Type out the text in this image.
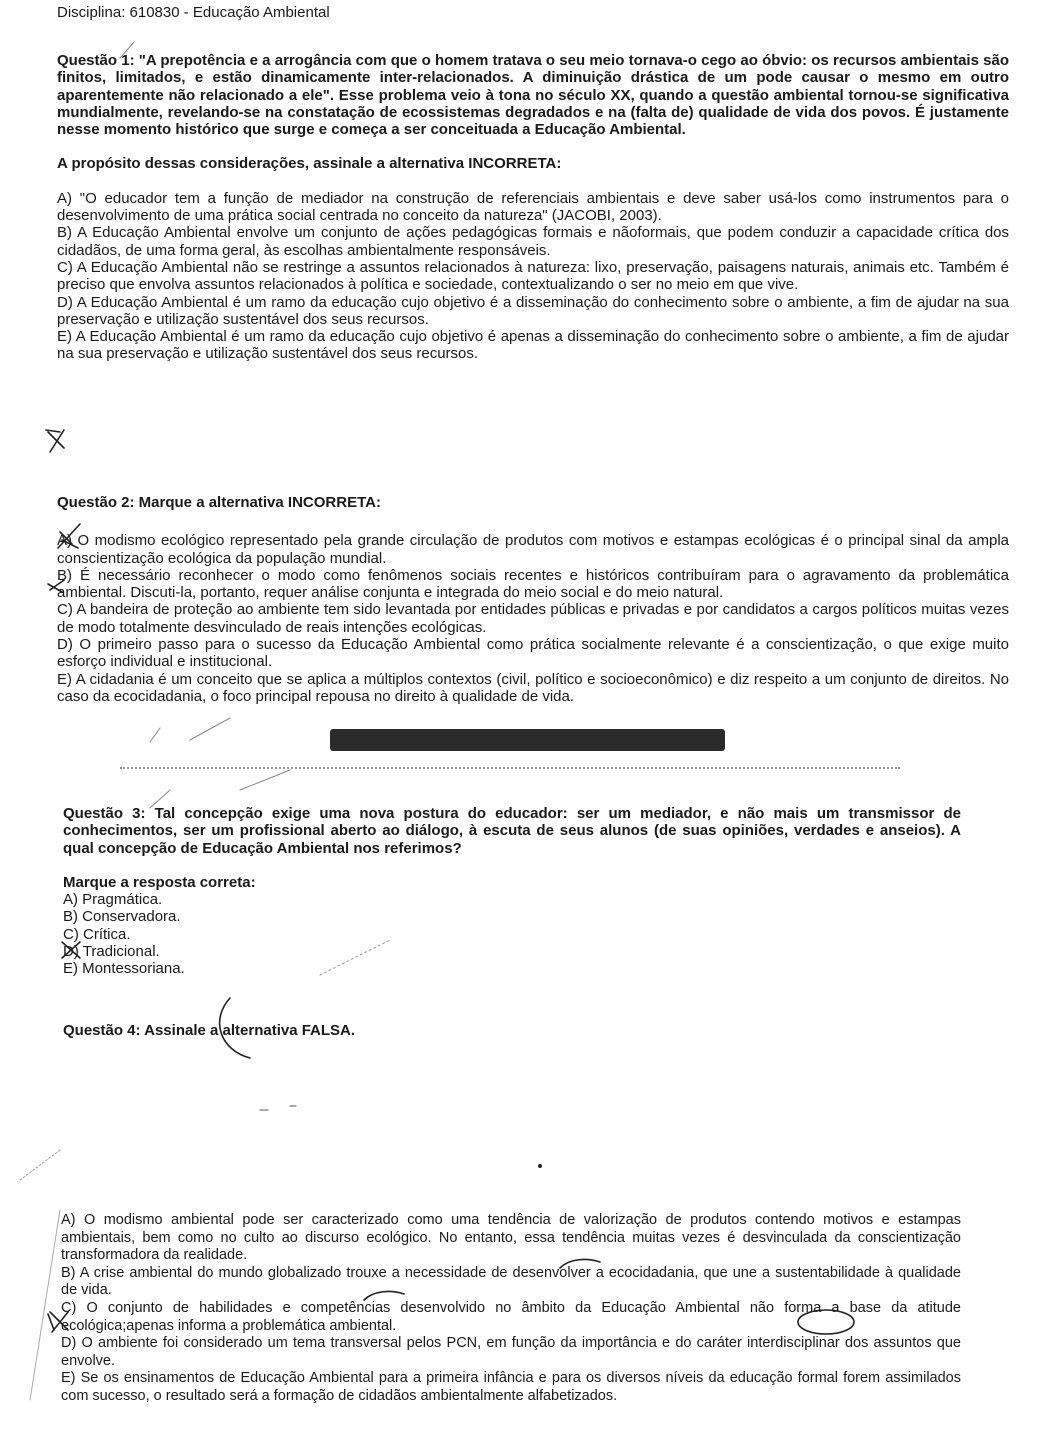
Disciplina: 610830 - Educação Ambiental
Questão 1: "A prepotência e a arrogância com que o homem tratava o seu meio tornava-o cego ao óbvio: os recursos ambientais são finitos, limitados, e estão dinamicamente inter-relacionados. A diminuição drástica de um pode causar o mesmo em outro aparentemente não relacionado a ele". Esse problema veio à tona no século XX, quando a questão ambiental tornou-se significativa mundialmente, revelando-se na constatação de ecossistemas degradados e na (falta de) qualidade de vida dos povos. É justamente nesse momento histórico que surge e começa a ser conceituada a Educação Ambiental.
A propósito dessas considerações, assinale a alternativa INCORRETA:

A) "O educador tem a função de mediador na construção de referenciais ambientais e deve saber usá-los como instrumentos para o desenvolvimento de uma prática social centrada no conceito da natureza" (JACOBI, 2003).

B) A Educação Ambiental envolve um conjunto de ações pedagógicas formais e nãoformais, que podem conduzir a capacidade crítica dos cidadãos, de uma forma geral, às escolhas ambientalmente responsáveis.

C) A Educação Ambiental não se restringe a assuntos relacionados à natureza: lixo, preservação, paisagens naturais, animais etc. Também é preciso que envolva assuntos relacionados à política e sociedade, contextualizando o ser no meio em que vive.

D) A Educação Ambiental é um ramo da educação cujo objetivo é a disseminação do conhecimento sobre o ambiente, a fim de ajudar na sua preservação e utilização sustentável dos seus recursos.

E) A Educação Ambiental é um ramo da educação cujo objetivo é apenas a disseminação do conhecimento sobre o ambiente, a fim de ajudar na sua preservação e utilização sustentável dos seus recursos.

Questão 2: Marque a alternativa INCORRETA:

A) O modismo ecológico representado pela grande circulação de produtos com motivos e estampas ecológicas é o principal sinal da ampla conscientização ecológica da população mundial.

B) É necessário reconhecer o modo como fenômenos sociais recentes e históricos contribuíram para o agravamento da problemática ambiental. Discuti-la, portanto, requer análise conjunta e integrada do meio social e do meio natural.

C) A bandeira de proteção ao ambiente tem sido levantada por entidades públicas e privadas e por candidatos a cargos políticos muitas vezes de modo totalmente desvinculado de reais intenções ecológicas.

D) O primeiro passo para o sucesso da Educação Ambiental como prática socialmente relevante é a conscientização, o que exige muito esforço individual e institucional.

E) A cidadania é um conceito que se aplica a múltiplos contextos (civil, político e socioeconômico) e diz respeito a um conjunto de direitos. No caso da ecocidadania, o foco principal repousa no direito à qualidade de vida.

Questão 3: Tal concepção exige uma nova postura do educador: ser um mediador, e não mais um transmissor de conhecimentos, ser um profissional aberto ao diálogo, à escuta de seus alunos (de suas opiniões, verdades e anseios). A qual concepção de Educação Ambiental nos referimos?
Marque a resposta correta:

A) Pragmática.

B) Conservadora.

C) Crítica.

D) Tradicional.

E) Montessoriana.

Questão 4: Assinale a alternativa FALSA.

A) O modismo ambiental pode ser caracterizado como uma tendência de valorização de produtos contendo motivos e estampas ambientais, bem como no culto ao discurso ecológico. No entanto, essa tendência muitas vezes é desvinculada da conscientização transformadora da realidade.

B) A crise ambiental do mundo globalizado trouxe a necessidade de desenvolver a ecocidadania, que une a sustentabilidade à qualidade de vida.

C) O conjunto de habilidades e competências desenvolvido no âmbito da Educação Ambiental não forma a base da atitude ecológica;apenas informa a problemática ambiental.

D) O ambiente foi considerado um tema transversal pelos PCN, em função da importância e do caráter interdisciplinar dos assuntos que envolve.

E) Se os ensinamentos de Educação Ambiental para a primeira infância e para os diversos níveis da educação formal forem assimilados com sucesso, o resultado será a formação de cidadãos ambientalmente alfabetizados.
